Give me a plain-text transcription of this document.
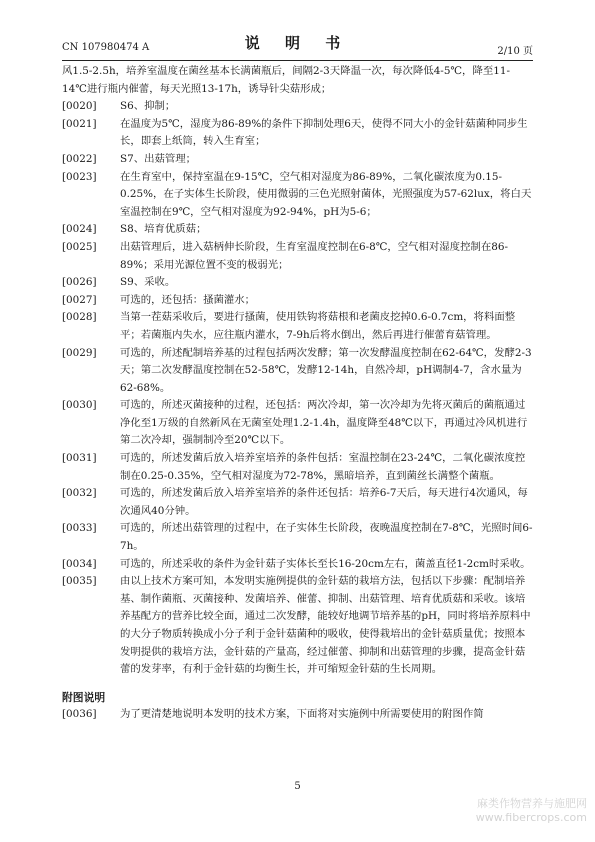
CN 107980474 A	说 明 书	2/10 页
风1.5-2.5h，培养室温度在菌丝基本长满菌瓶后，间隔2-3天降温一次，每次降低4-5℃，降至11-14℃进行瓶内催蕾，每天光照13-17h，诱导针尖菇形成；
[0020] S6、抑制；
[0021] 在温度为5℃，湿度为86-89%的条件下抑制处理6天，使得不同大小的金针菇菌种同步生长，即套上纸筒，转入生育室；
[0022] S7、出菇管理；
[0023] 在生育室中，保持室温在9-15℃，空气相对湿度为86-89%，二氧化碳浓度为0.15-0.25%，在子实体生长阶段，使用微弱的三色光照射菌体，光照强度为57-62lux，将白天室温控制在9℃，空气相对湿度为92-94%，pH为5-6；
[0024] S8、培育优质菇；
[0025] 出菇管理后，进入菇柄伸长阶段，生育室温度控制在6-8℃，空气相对湿度控制在86-89%；采用光源位置不变的极弱光；
[0026] S9、采收。
[0027] 可选的，还包括：搔菌灌水；
[0028] 当第一茬菇采收后，要进行搔菌，使用铁钩将菇根和老菌皮挖掉0.6-0.7cm，将料面整平；若菌瓶内失水，应往瓶内灌水，7-9h后将水倒出，然后再进行催蕾育菇管理。
[0029] 可选的，所述配制培养基的过程包括两次发酵；第一次发酵温度控制在62-64℃，发酵2-3天；第二次发酵温度控制在52-58℃，发酵12-14h，自然冷却，pH调制4-7，含水量为62-68%。
[0030] 可选的，所述灭菌接种的过程，还包括：两次冷却，第一次冷却为先将灭菌后的菌瓶通过净化至1万级的自然新风在无菌室处理1.2-1.4h，温度降至48℃以下，再通过冷风机进行第二次冷却，强制制冷至20℃以下。
[0031] 可选的，所述发菌后放入培养室培养的条件包括：室温控制在23-24℃，二氧化碳浓度控制在0.25-0.35%，空气相对湿度为72-78%，黑暗培养，直到菌丝长满整个菌瓶。
[0032] 可选的，所述发菌后放入培养室培养的条件还包括：培养6-7天后，每天进行4次通风，每次通风40分钟。
[0033] 可选的，所述出菇管理的过程中，在子实体生长阶段，夜晚温度控制在7-8℃，光照时间6-7h。
[0034] 可选的，所述采收的条件为金针菇子实体长至长16-20cm左右，菌盖直径1-2cm时采收。
[0035] 由以上技术方案可知，本发明实施例提供的金针菇的栽培方法，包括以下步骤：配制培养基、制作菌瓶、灭菌接种、发菌培养、催蕾、抑制、出菇管理、培育优质菇和采收。该培养基配方的营养比较全面，通过二次发酵，能较好地调节培养基的pH，同时将培养原料中的大分子物质转换成小分子利于金针菇菌种的吸收，使得栽培出的金针菇质量优；按照本发明提供的栽培方法，金针菇的产量高，经过催蕾、抑制和出菇管理的步骤，提高金针菇蕾的发芽率，有利于金针菇的均衡生长，并可缩短金针菇的生长周期。
附图说明
[0036] 为了更清楚地说明本发明的技术方案，下面将对实施例中所需要使用的附图作简
5
麻类作物营养与施肥网
www.fibercrops.com
